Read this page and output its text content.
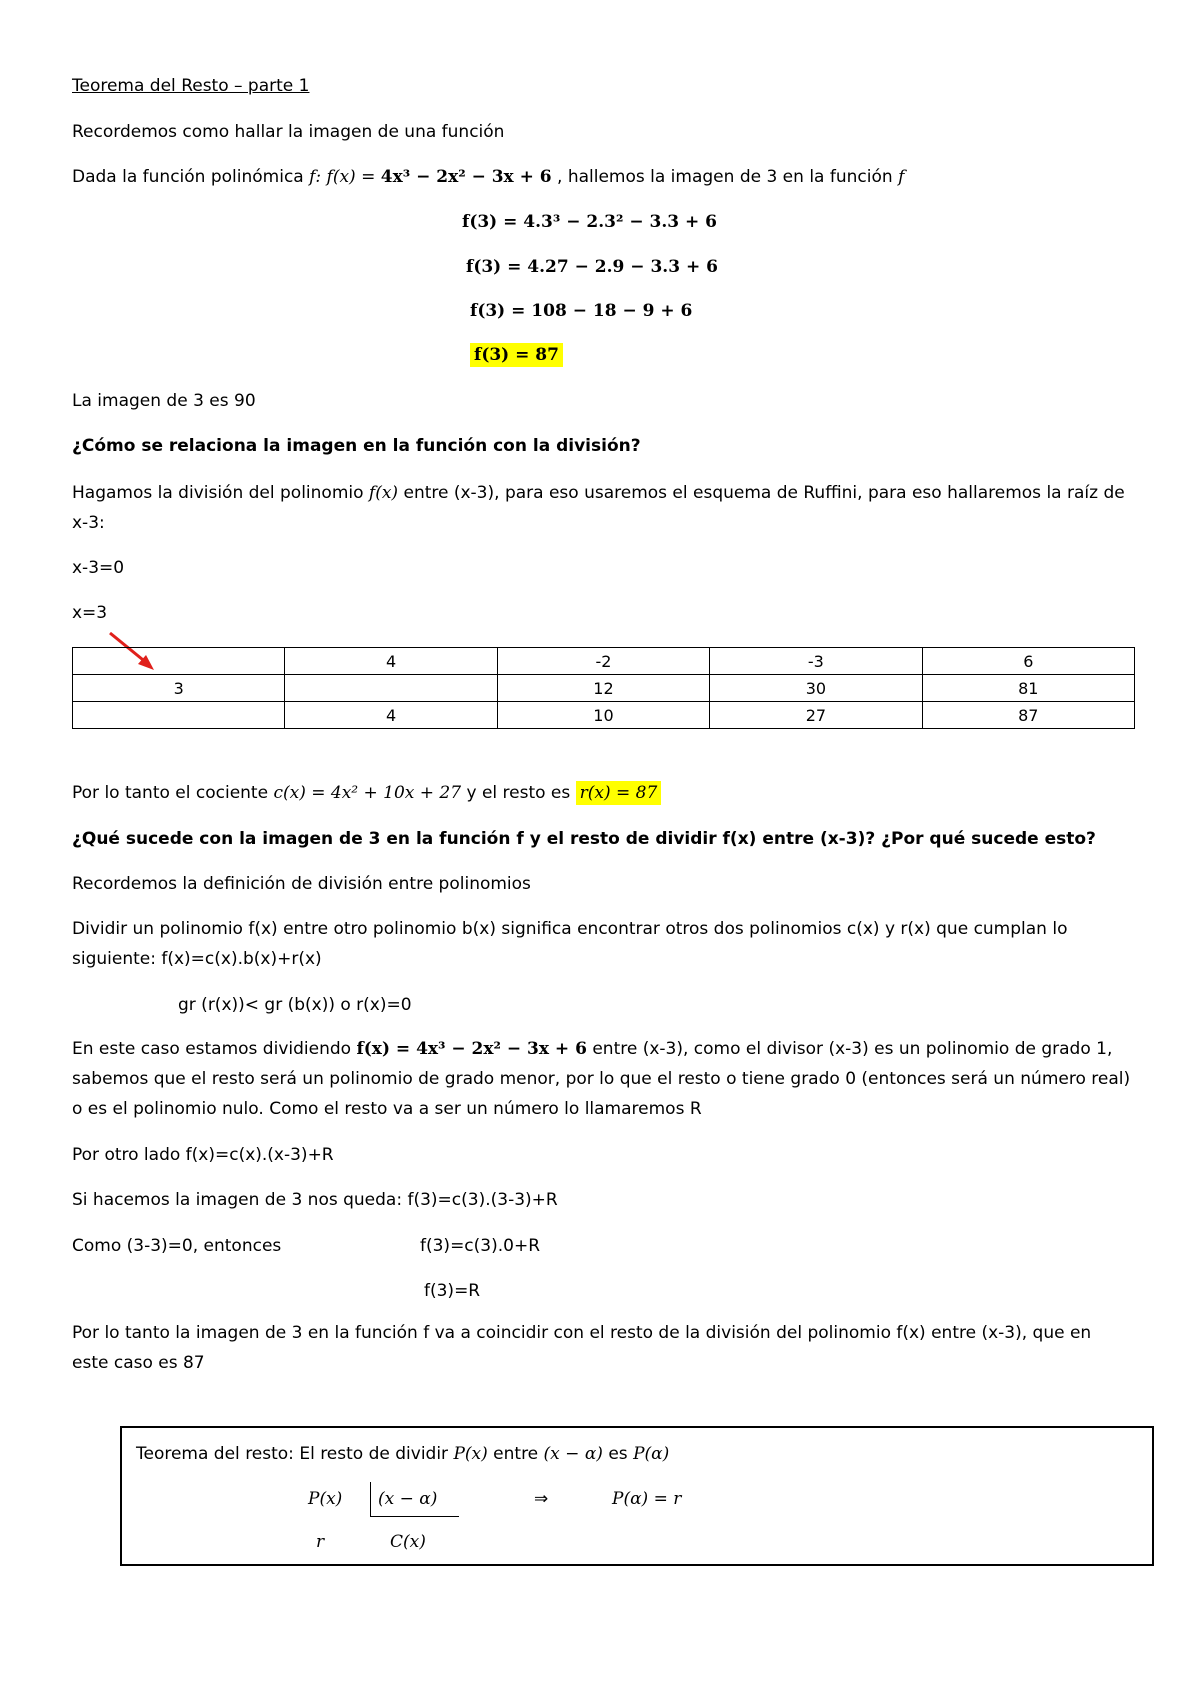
Teorema del Resto – parte 1
Recordemos como hallar la imagen de una función
Dada la función polinómica f: f(x) = 4x³ − 2x² − 3x + 6 , hallemos la imagen de 3 en la función f
f(3) = 4.3³ − 2.3² − 3.3 + 6
f(3) = 4.27 − 2.9 − 3.3 + 6
f(3) = 108 − 18 − 9 + 6
f(3) = 87
La imagen de 3 es 90
¿Cómo se relaciona la imagen en la función con la división?
Hagamos la división del polinomio f(x) entre (x-3), para eso usaremos el esquema de Ruffini, para eso hallaremos la raíz de x-3:
x-3=0
x=3
	4	-2	-3	6
3		12	30	81
	4	10	27	87
Por lo tanto el cociente c(x) = 4x² + 10x + 27 y el resto es r(x) = 87
¿Qué sucede con la imagen de 3 en la función f y el resto de dividir f(x) entre (x-3)? ¿Por qué sucede esto?
Recordemos la definición de división entre polinomios
Dividir un polinomio f(x) entre otro polinomio b(x) significa encontrar otros dos polinomios c(x) y r(x) que cumplan lo siguiente: f(x)=c(x).b(x)+r(x)
gr (r(x))< gr (b(x)) o r(x)=0
En este caso estamos dividiendo f(x) = 4x³ − 2x² − 3x + 6 entre (x-3), como el divisor (x-3) es un polinomio de grado 1, sabemos que el resto será un polinomio de grado menor, por lo que el resto o tiene grado 0 (entonces será un número real) o es el polinomio nulo. Como el resto va a ser un número lo llamaremos R
Por otro lado f(x)=c(x).(x-3)+R
Si hacemos la imagen de 3 nos queda: f(3)=c(3).(3-3)+R
Como (3-3)=0, entonces	f(3)=c(3).0+R
f(3)=R
Por lo tanto la imagen de 3 en la función f va a coincidir con el resto de la división del polinomio f(x) entre (x-3), que en este caso es 87
Teorema del resto: El resto de dividir P(x) entre (x − α) es P(α)
P(x) (x − α)	⇒	P(α) = r
r	C(x)
